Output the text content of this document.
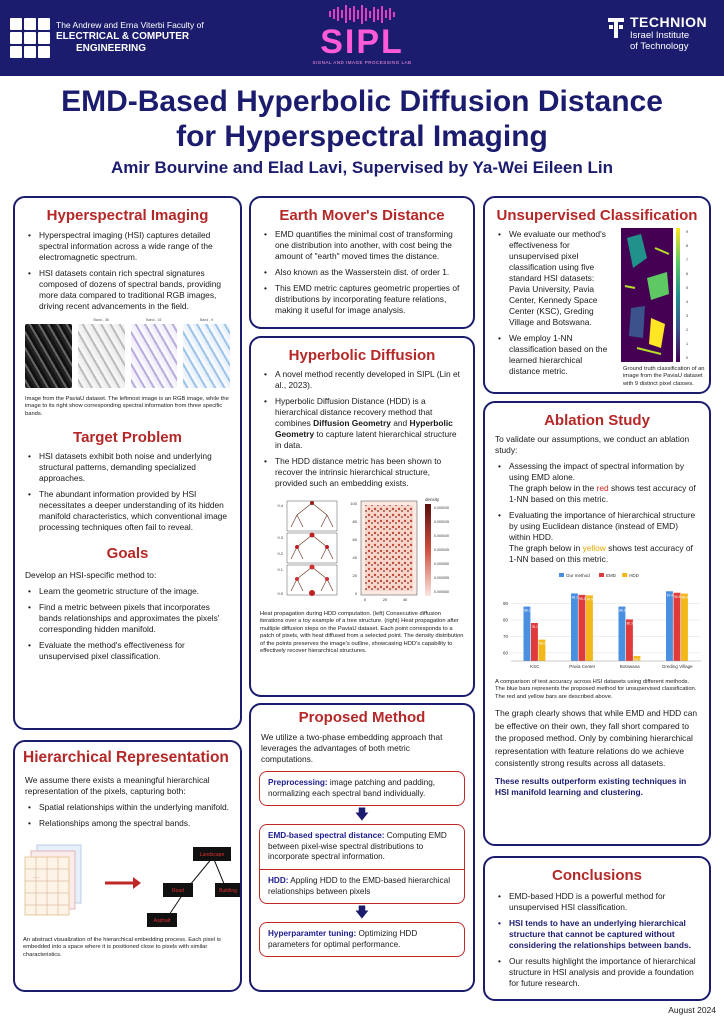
The Andrew and Erna Viterbi Faculty of
ELECTRICAL & COMPUTER
ENGINEERING	SIPL
SIGNAL AND IMAGE PROCESSING LAB
TECHNION
Israel Institute
of Technology
EMD-Based Hyperbolic Diffusion Distance
for Hyperspectral Imaging
Amir Bourvine and Elad Lavi, Supervised by Ya-Wei Eileen Lin
Hyperspectral Imaging
• Hyperspectral imaging (HSI) captures detailed spectral information across a wide range of the electromagnetic spectrum.
• HSI datasets contain rich spectral signatures composed of dozens of spectral bands, providing more data compared to traditional RGB images, driving recent advancements in the field.
Band - 38	Band - 16	Band - 9
Image from the PaviaU dataset. The leftmost image is an RGB image, while the image to its right show corresponding spectral information from three specific bands.
Target Problem
• HSI datasets exhibit both noise and underlying structural patterns, demanding specialized approaches.
• The abundant information provided by HSI necessitates a deeper understanding of its hidden manifold characteristics, which conventional image processing techniques often fail to reveal.
Goals
Develop an HSI-specific method to:
• Learn the geometric structure of the image.
• Find a metric between pixels that incorporates bands relationships and approximates the pixels' corresponding hidden manifold.
• Evaluate the method's effectiveness for unsupervised pixel classification.
Hierarchical Representation
We assume there exists a meaningful hierarchical representation of the pixels, capturing both:
• Spatial relationships within the underlying manifold.
• Relationships among the spectral bands.
·· ·
Landscape
Road	Building
Asphalt
An abstract visualization of the hierarchical embedding process. Each pixel is embedded into a space where it is positioned close to pixels with similar characteristics.
Earth Mover's Distance
• EMD quantifies the minimal cost of transforming one distribution into another, with cost being the amount of "earth" moved times the distance.
• Also known as the Wasserstein dist. of order 1.
• This EMD metric captures geometric properties of distributions by incorporating feature relations, making it useful for image analysis.
Hyperbolic Diffusion
• A novel method recently developed in SIPL (Lin et al., 2023).
• Hyperbolic Diffusion Distance (HDD) is a hierarchical distance recovery method that combines Diffusion Geometry and Hyperbolic Geometry to capture latent hierarchical structure in data.
• The HDD distance metric has been shown to recover the intrinsic hierarchical structure, provided such an embedding exists.
0.4
0.3
0.2
0.1
0.0
100
80
60
40
20
0
0	20	40
density
0.000030
0.000035
0.000040
0.000045
0.000050
0.000055
0.000060
Heat propagation during HDD computation. (left) Consecutive diffusion iterations over a toy example of a tree structure. (right) Heat propagation after multiple diffusion steps on the PaviaU dataset. Each point corresponds to a patch of pixels, with heat diffused from a selected point. The density distribution of the points preserves the image's outline, showcasing HDD's capability to effectively recover hierarchical structures.
Proposed Method
We utilize a two-phase embedding approach that leverages the advantages of both metric computations.
Preprocessing: image patching and padding, normalizing each spectral band individually.
🡇
EMD-based spectral distance: Computing EMD between pixel-wise spectral distributions to incorporate spectral information.
HDD: Appling HDD to the EMD-based hierarchical relationships between pixels
🡇
Hyperparamter tuning: Optimizing HDD parameters for optimal performance.
Unsupervised Classification
• We evaluate our method's effectiveness for unsupervised pixel classification using five standard HSI datasets: Pavia University, Pavia Center, Kennedy Space Center (KSC), Greding Village and Botswana.
• We employ 1-NN classification based on the learned hierarchical distance metric.
9
8
7
6
5
4
3
2
1
0
Ground truth classification of an image from the PaviaU dataset with 9 distinct pixel classes.
Ablation Study
To validate our assumptions, we conduct an ablation study:
• Assessing the impact of spectral information by using EMD alone.
The graph below in the red shows test accuracy of 1-NN based on this metric.
• Evaluating the importance of hierarchical structure by using Euclidean distance (instead of EMD) within HDD.
The graph below in yellow shows test accuracy of 1-NN based on this metric.
90
80
70
60
Our method	EMD	HDD
88.1
78.1
68.0
KSC
96.1 95.2 94.9
Pavia Center
88.1
80.3
58.0
Botswana
97.4 96.5 96.0
Greding Village
A comparison of test accuracy across HSI datasets using different methods. The blue bars represents the proposed method for unsupervised classification. The red and yellow bars are described above.
The graph clearly shows that while EMD and HDD can be effective on their own, they fall short compared to the proposed method. Only by combining hierarchical representation with feature relations do we achieve consistently strong results across all datasets.
These results outperform existing techniques in HSI manifold learning and clustering.
Conclusions
• EMD-based HDD is a powerful method for unsupervised HSI classification.
• HSI tends to have an underlying hierarchical structure that cannot be captured without considering the relationships between bands.
• Our results highlight the importance of hierarchical structure in HSI analysis and provide a foundation for future research.
August 2024
